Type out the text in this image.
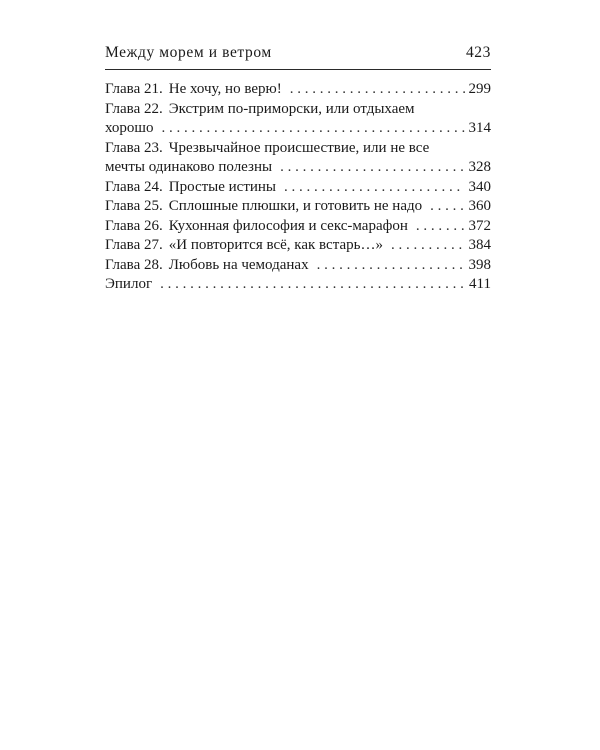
Между морем и ветром	423
Глава 21. Не хочу, но верю! . . .	299
Глава 22. Экстрим по-приморски, или отдыхаем
хорошо . . .	314
Глава 23. Чрезвычайное происшествие, или не все
мечты одинаково полезны . . .	328
Глава 24. Простые истины . . .	340
Глава 25. Сплошные плюшки, и готовить не надо . . .	360
Глава 26. Кухонная философия и секс-марафон . . .	372
Глава 27. «И повторится всё, как встарь…» . . .	384
Глава 28. Любовь на чемоданах . . .	398
Эпилог . . .	411
